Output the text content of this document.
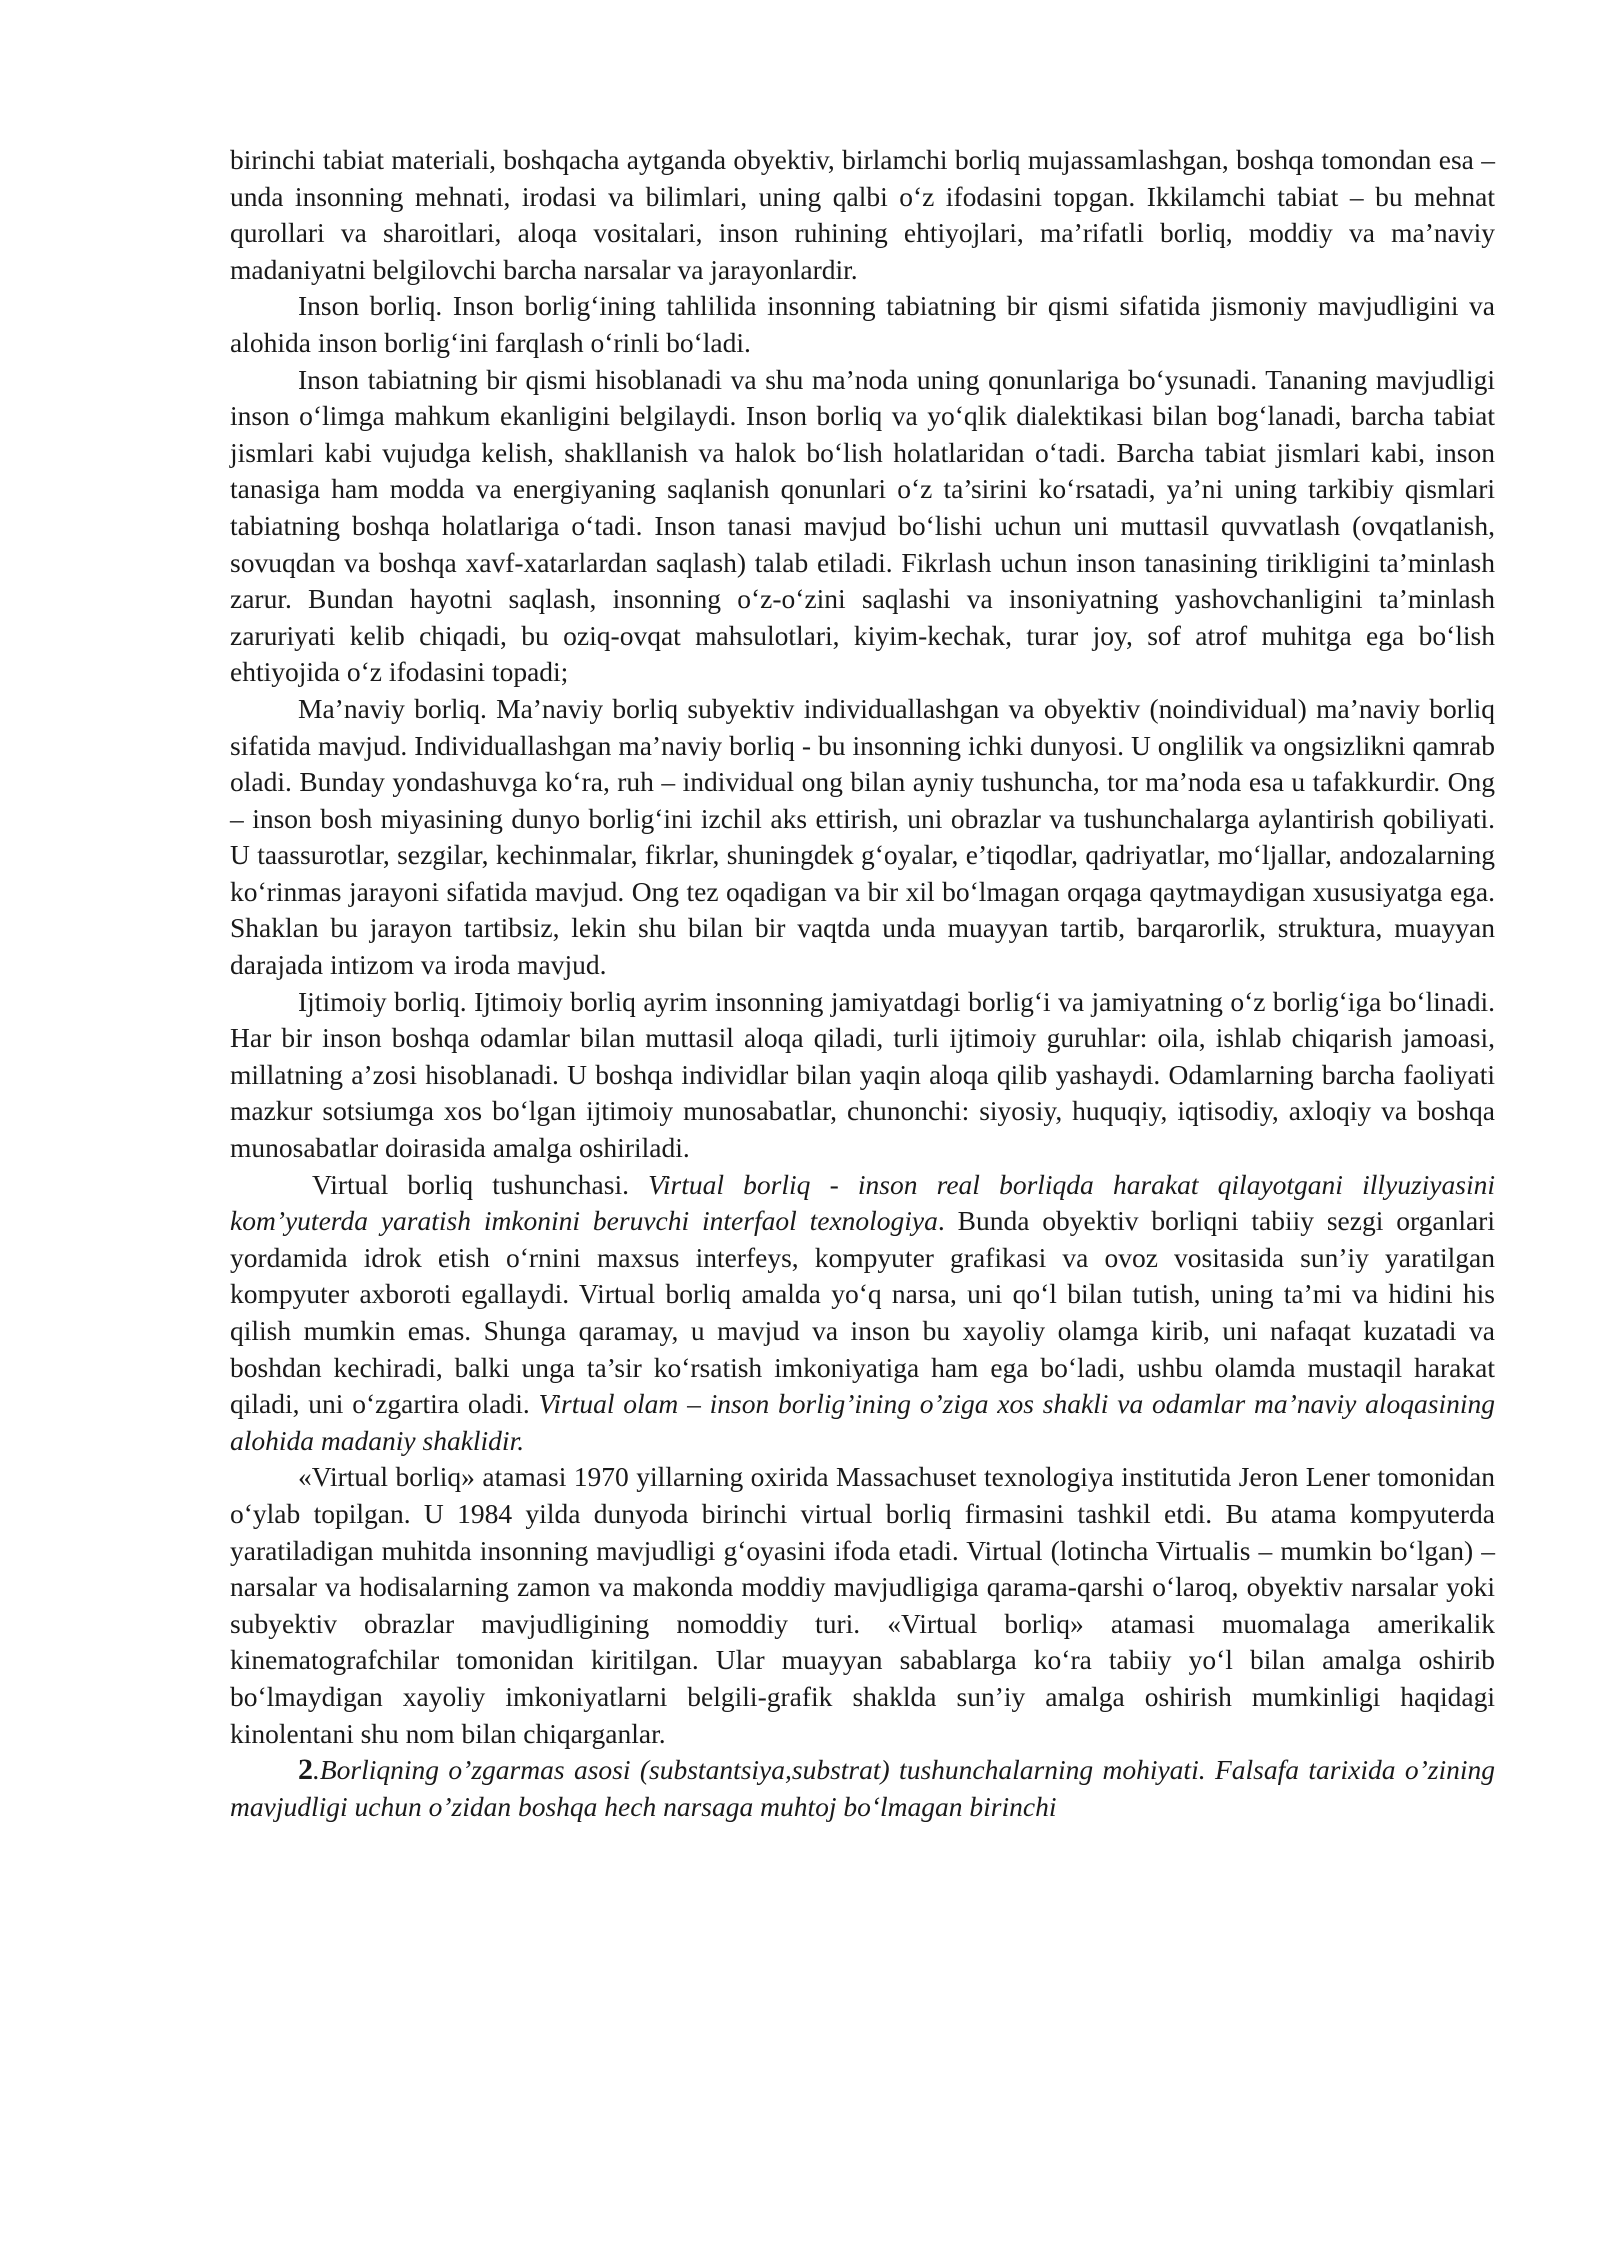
birinchi tabiat materiali, boshqacha aytganda obyektiv, birlamchi borliq mujassamlashgan, boshqa tomondan esa – unda insonning mehnati, irodasi va bilimlari, uning qalbi o‘z ifodasini topgan. Ikkilamchi tabiat – bu mehnat qurollari va sharoitlari, aloqa vositalari, inson ruhining ehtiyojlari, ma’rifatli borliq, moddiy va ma’naviy madaniyatni belgilovchi barcha narsalar va jarayonlardir.

Inson borliq. Inson borlig‘ining tahlilida insonning tabiatning bir qismi sifatida jismoniy mavjudligini va alohida inson borlig‘ini farqlash o‘rinli bo‘ladi.

Inson tabiatning bir qismi hisoblanadi va shu ma’noda uning qonunlariga bo‘ysunadi. Tananing mavjudligi inson o‘limga mahkum ekanligini belgilaydi. Inson borliq va yo‘qlik dialektikasi bilan bog‘lanadi, barcha tabiat jismlari kabi vujudga kelish, shakllanish va halok bo‘lish holatlaridan o‘tadi. Barcha tabiat jismlari kabi, inson tanasiga ham modda va energiyaning saqlanish qonunlari o‘z ta’sirini ko‘rsatadi, ya’ni uning tarkibiy qismlari tabiatning boshqa holatlariga o‘tadi. Inson tanasi mavjud bo‘lishi uchun uni muttasil quvvatlash (ovqatlanish, sovuqdan va boshqa xavf-xatarlardan saqlash) talab etiladi. Fikrlash uchun inson tanasining tirikligini ta’minlash zarur. Bundan hayotni saqlash, insonning o‘z-o‘zini saqlashi va insoniyatning yashovchanligini ta’minlash zaruriyati kelib chiqadi, bu oziq-ovqat mahsulotlari, kiyim-kechak, turar joy, sof atrof muhitga ega bo‘lish ehtiyojida o‘z ifodasini topadi;

Ma’naviy borliq. Ma’naviy borliq subyektiv individuallashgan va obyektiv (noindividual) ma’naviy borliq sifatida mavjud. Individuallashgan ma’naviy borliq - bu insonning ichki dunyosi. U onglilik va ongsizlikni qamrab oladi. Bunday yondashuvga ko‘ra, ruh – individual ong bilan ayniy tushuncha, tor ma’noda esa u tafakkurdir. Ong – inson bosh miyasining dunyo borlig‘ini izchil aks ettirish, uni obrazlar va tushunchalarga aylantirish qobiliyati. U taassurotlar, sezgilar, kechinmalar, fikrlar, shuningdek g‘oyalar, e’tiqodlar, qadriyatlar, mo‘ljallar, andozalarning ko‘rinmas jarayoni sifatida mavjud. Ong tez oqadigan va bir xil bo‘lmagan orqaga qaytmaydigan xususiyatga ega. Shaklan bu jarayon tartibsiz, lekin shu bilan bir vaqtda unda muayyan tartib, barqarorlik, struktura, muayyan darajada intizom va iroda mavjud.

Ijtimoiy borliq. Ijtimoiy borliq ayrim insonning jamiyatdagi borlig‘i va jamiyatning o‘z borlig‘iga bo‘linadi. Har bir inson boshqa odamlar bilan muttasil aloqa qiladi, turli ijtimoiy guruhlar: oila, ishlab chiqarish jamoasi, millatning a’zosi hisoblanadi. U boshqa individlar bilan yaqin aloqa qilib yashaydi. Odamlarning barcha faoliyati mazkur sotsiumga xos bo‘lgan ijtimoiy munosabatlar, chunonchi: siyosiy, huquqiy, iqtisodiy, axloqiy va boshqa munosabatlar doirasida amalga oshiriladi.

Virtual borliq tushunchasi. Virtual borliq - inson real borliqda harakat qilayotgani illyuziyasini kom’yuterda yaratish imkonini beruvchi interfaol texnologiya. Bunda obyektiv borliqni tabiiy sezgi organlari yordamida idrok etish o‘rnini maxsus interfeys, kompyuter grafikasi va ovoz vositasida sun’iy yaratilgan kompyuter axboroti egallaydi. Virtual borliq amalda yo‘q narsa, uni qo‘l bilan tutish, uning ta’mi va hidini his qilish mumkin emas. Shunga qaramay, u mavjud va inson bu xayoliy olamga kirib, uni nafaqat kuzatadi va boshdan kechiradi, balki unga ta’sir ko‘rsatish imkoniyatiga ham ega bo‘ladi, ushbu olamda mustaqil harakat qiladi, uni o‘zgartira oladi. Virtual olam – inson borlig’ining o’ziga xos shakli va odamlar ma’naviy aloqasining alohida madaniy shaklidir.

«Virtual borliq» atamasi 1970 yillarning oxirida Massachuset texnologiya institutida Jeron Lener tomonidan o‘ylab topilgan. U 1984 yilda dunyoda birinchi virtual borliq firmasini tashkil etdi. Bu atama kompyuterda yaratiladigan muhitda insonning mavjudligi g‘oyasini ifoda etadi. Virtual (lotincha Virtualis – mumkin bo‘lgan) – narsalar va hodisalarning zamon va makonda moddiy mavjudligiga qarama-qarshi o‘laroq, obyektiv narsalar yoki subyektiv obrazlar mavjudligining nomoddiy turi. «Virtual borliq» atamasi muomalaga amerikalik kinematografchilar tomonidan kiritilgan. Ular muayyan sabablarga ko‘ra tabiiy yo‘l bilan amalga oshirib bo‘lmaydigan xayoliy imkoniyatlarni belgili-grafik shaklda sun’iy amalga oshirish mumkinligi haqidagi kinolentani shu nom bilan chiqarganlar.

2.Borliqning o’zgarmas asosi (substantsiya,substrat) tushunchalarning mohiyati. Falsafa tarixida o’zining mavjudligi uchun o’zidan boshqa hech narsaga muhtoj bo‘lmagan birinchi
